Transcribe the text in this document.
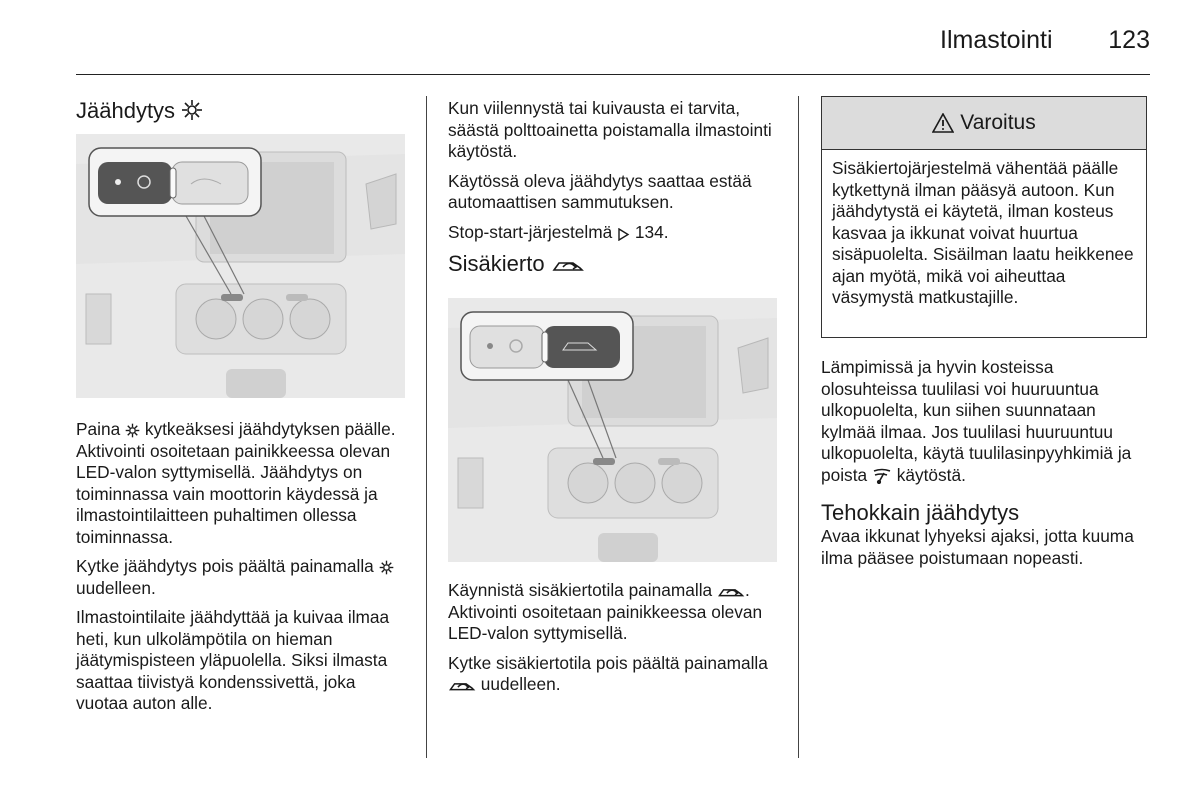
Ilmastointi 123
Jäähdytys

Paina
kytkeäksesi jäähdytyksen päälle. Aktivointi osoitetaan painikkeessa olevan LED-valon syttymisellä. Jäähdytys on toiminnassa vain moottorin käydessä ja ilmastointilaitteen puhaltimen ollessa toiminnassa.

Kytke jäähdytys pois päältä painamalla
uudelleen.

Ilmastointilaite jäähdyttää ja kuivaa ilmaa heti, kun ulkolämpötila on hieman jäätymispisteen yläpuolella. Siksi ilmasta saattaa tiivistyä kondenssivettä, joka vuotaa auton alle.

Kun viilennystä tai kuivausta ei tarvita, säästä polttoainetta poistamalla ilmastointi käytöstä.

Käytössä oleva jäähdytys saattaa estää automaattisen sammutuksen.

Stop-start-järjestelmä 134.

Sisäkierto

Käynnistä sisäkiertotila painamalla . Aktivointi osoitetaan painikkeessa olevan LED-valon syttymisellä.

Kytke sisäkiertotila pois päältä painamalla
uudelleen.

Varoitus
Sisäkiertojärjestelmä vähentää päälle kytkettynä ilman pääsyä autoon. Kun jäähdytystä ei käytetä, ilman kosteus kasvaa ja ikkunat voivat huurtua sisäpuolelta. Sisäilman laatu heikkenee ajan myötä, mikä voi aiheuttaa väsymystä matkustajille.

Lämpimissä ja hyvin kosteissa olosuhteissa tuulilasi voi huuruuntua ulkopuolelta, kun siihen suunnataan kylmää ilmaa. Jos tuulilasi huuruuntuu ulkopuolelta, käytä tuulilasinpyyhkimiä ja poista
käytöstä.

Tehokkain jäähdytys

Avaa ikkunat lyhyeksi ajaksi, jotta kuuma ilma pääsee poistumaan nopeasti.
